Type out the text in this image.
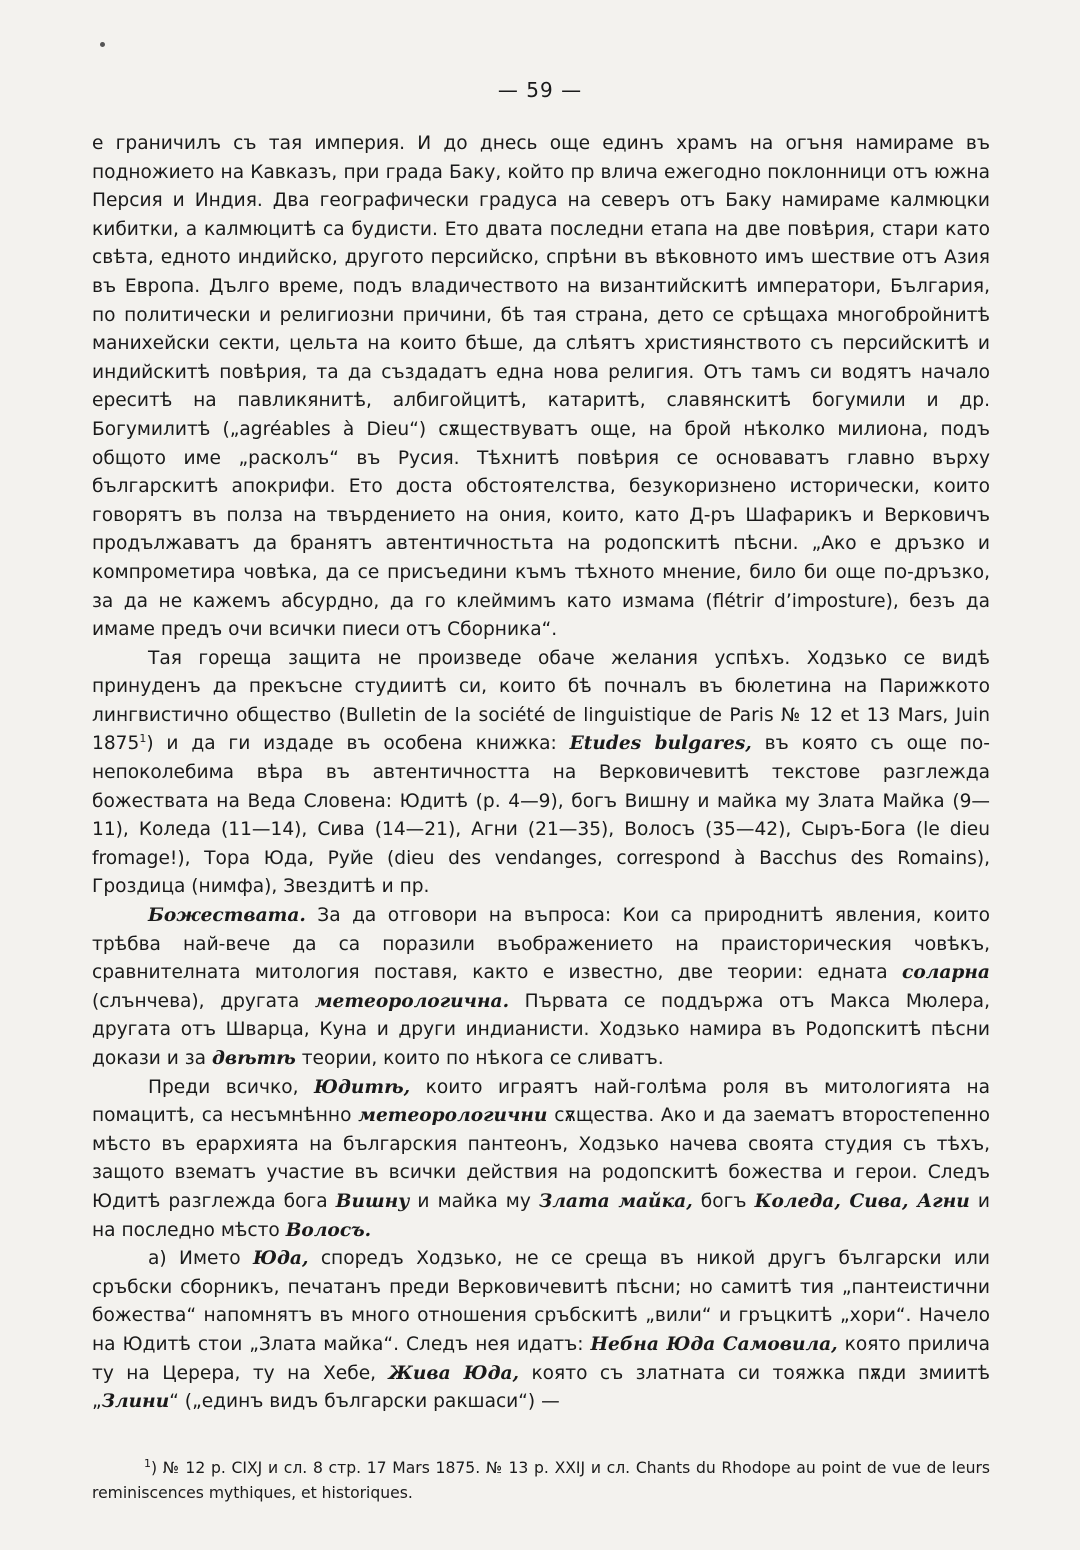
— 59 —

е граничилъ съ тая империя. И до днесь още единъ храмъ на огъня намираме въ подножието на Кавказъ, при града Баку, който пр влича ежегодно поклонници отъ южна Персия и Индия. Два географически градуса на северъ отъ Баку намираме калмюцки кибитки, а калмюцитѣ са будисти. Ето двата последни етапа на две повѣрия, стари като свѣта, едното индийско, другото персийско, спрѣни въ вѣковното имъ шествие отъ Азия въ Европа. Дълго време, подъ владичеството на византийскитѣ императори, България, по политически и религиозни причини, бѣ тая страна, дето се срѣщаха многобройнитѣ манихейски секти, цельта на които бѣше, да слѣятъ християнството съ персийскитѣ и индийскитѣ повѣрия, та да създадатъ една нова религия. Отъ тамъ си водятъ начало ереситѣ на павликянитѣ, албигойцитѣ, катаритѣ, славянскитѣ богумили и др. Богумилитѣ („agréables à Dieu“) сѫществуватъ още, на брой нѣколко милиона, подъ общото име „расколъ“ въ Русия. Тѣхнитѣ повѣрия се основаватъ главно върху българскитѣ апокрифи. Ето доста обстоятелства, безукоризнено исторически, които говорятъ въ полза на твърдението на ония, които, като Д-ръ Шафарикъ и Верковичъ продължаватъ да бранятъ автентичностьта на родопскитѣ пѣсни. „Ако е дръзко и компрометира човѣка, да се присъедини къмъ тѣхното мнение, било би още по-дръзко, за да не кажемъ абсурдно, да го клеймимъ като измама (flétrir d’imposture), безъ да имаме предъ очи всички пиеси отъ Сборника“.

Тая гореща защита не произведе обаче желания успѣхъ. Ходзько се видѣ принуденъ да прекъсне студиитѣ си, които бѣ почналъ въ бюлетина на Парижкото лингвистично общество (Bulletin de la société de linguistique de Paris № 12 et 13 Mars, Juin 1875$^1$) и да ги издаде въ особена книжка: Etudes bulgares, въ която съ още по-непоколебима вѣра въ автентичността на Верковичевитѣ текстове разглежда божествата на Веда Словена: Юдитѣ (p. 4—9), богъ Вишну и майка му Злата Майка (9—11), Коледа (11—14), Сива (14—21), Агни (21—35), Волосъ (35—42), Сыръ-Бога (le dieu fromage!), Тора Юда, Руйе (dieu des vendanges, correspond à Bacchus des Romains), Гроздица (нимфа), Звездитѣ и пр.

Божествата. За да отговори на въпроса: Кои са природнитѣ явления, които трѣбва най-вече да са поразили въображението на праисторическия човѣкъ, сравнителната митология поставя, както е известно, две теории: едната соларна (слънчева), другата метеорологична. Първата се поддържа отъ Макса Мюлера, другата отъ Шварца, Куна и други индианисти. Ходзько намира въ Родопскитѣ пѣсни докази и за двѣтѣ теории, които по нѣкога се сливатъ.

Преди всичко, Юдитѣ, които играятъ най-голѣма роля въ митологията на помацитѣ, са несъмнѣнно метеорологични сѫщества. Ако и да заематъ второстепенно мѣсто въ ерархията на българския пантеонъ, Ходзько начева своята студия съ тѣхъ, защото взематъ участие въ всички действия на родопскитѣ божества и герои. Следъ Юдитѣ разглежда бога Вишну и майка му Злата майка, богъ Коледа, Сива, Агни и на последно мѣсто Волосъ.

а) Името Юда, споредъ Ходзько, не се среща въ никой другъ български или сръбски сборникъ, печатанъ преди Верковичевитѣ пѣсни; но самитѣ тия „пантеистични божества“ напомнятъ въ много отношения сръбскитѣ „вили“ и гръцкитѣ „хори“. Начело на Юдитѣ стои „Злата майка“. Следъ нея идатъ: Небна Юда Самовила, която прилича ту на Церера, ту на Хебе, Жива Юда, която съ златната си тояжка пѫди змиитѣ „Злини“ („единъ видъ български ракшаси“) —

$^1$) № 12 p. CIXJ и сл. 8 стр. 17 Mars 1875. № 13 p. XXIJ и сл. Chants du Rhodope au point de vue de leurs reminiscences mythiques, et historiques.
